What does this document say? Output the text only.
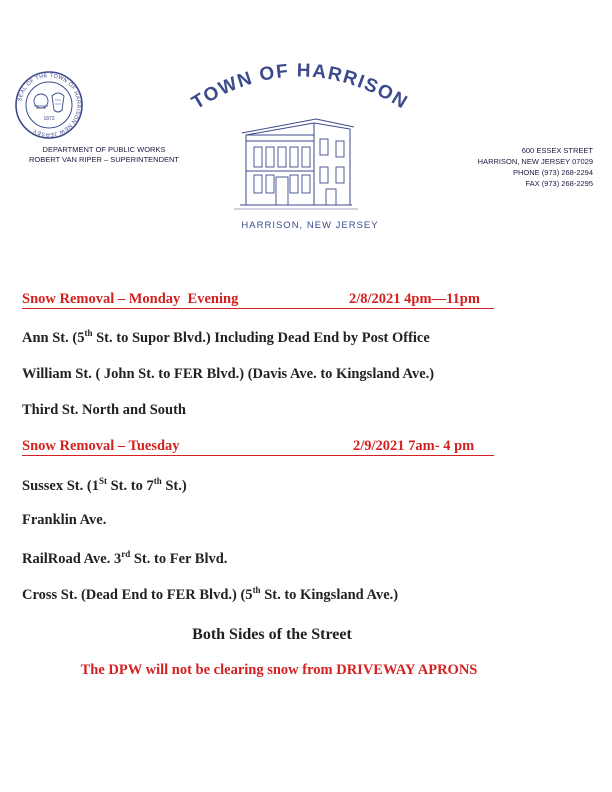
SEAL OF THE TOWN OF HARRISON NEW JERSEY
1873
TOWN OF HARRISON
HARRISON, NEW JERSEY
DEPARTMENT OF PUBLIC WORKS
ROBERT VAN RIPER – SUPERINTENDENT
600 ESSEX STREET
HARRISON, NEW JERSEY 07029
PHONE (973) 268-2294
FAX (973) 268-2295
Snow Removal – Monday  Evening	2/8/2021 4pm—11pm
Ann St. (5th St. to Supor Blvd.) Including Dead End by Post Office
William St. ( John St. to FER Blvd.) (Davis Ave. to Kingsland Ave.)
Third St. North and South
Snow Removal – Tuesday	2/9/2021 7am- 4 pm
Sussex St. (1St St. to 7th St.)
Franklin Ave.
RailRoad Ave. 3rd St. to Fer Blvd.
Cross St. (Dead End to FER Blvd.) (5th St. to Kingsland Ave.)
Both Sides of the Street
The DPW will not be clearing snow from DRIVEWAY APRONS
